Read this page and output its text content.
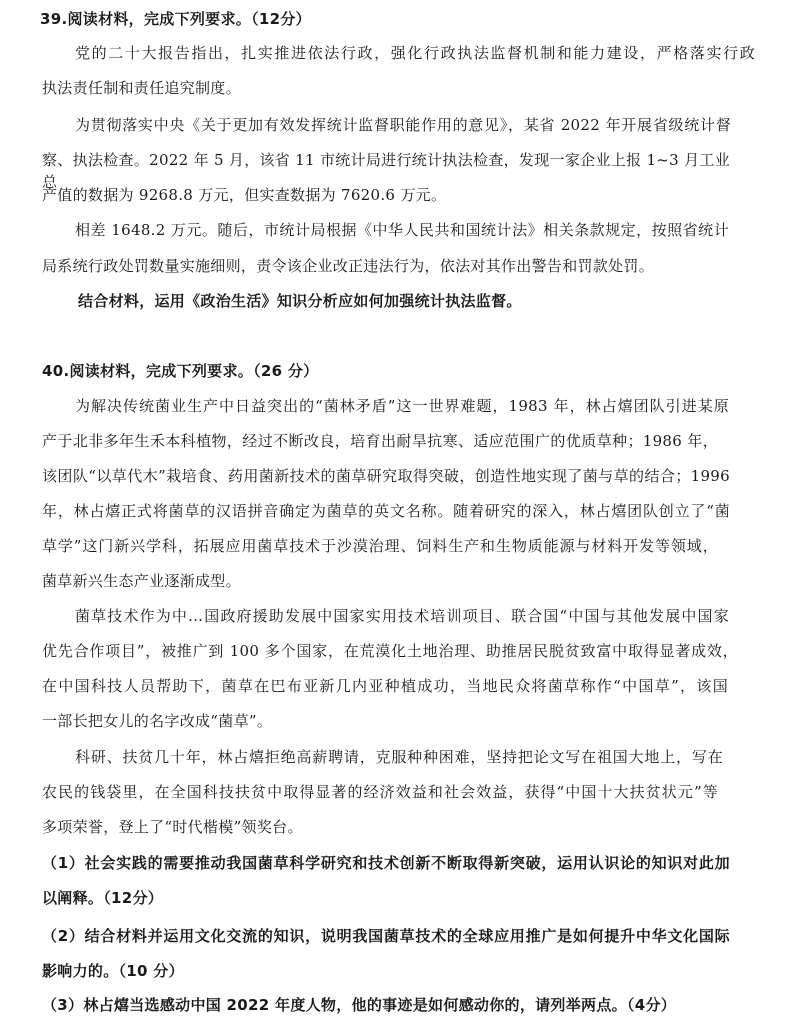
39.阅读材料，完成下列要求。（12分）
党的二十大报告指出，扎实推进依法行政，强化行政执法监督机制和能力建设，严格落实行政
执法责任制和责任追究制度。
为贯彻落实中央《关于更加有效发挥统计监督职能作用的意见》，某省 2022 年开展省级统计督
察、执法检查。2022 年 5 月，该省 11 市统计局进行统计执法检查，发现一家企业上报 1~3 月工业总
产值的数据为 9268.8 万元，但实查数据为 7620.6 万元。
相差 1648.2 万元。随后，市统计局根据《中华人民共和国统计法》相关条款规定，按照省统计
局系统行政处罚数量实施细则，责令该企业改正违法行为，依法对其作出警告和罚款处罚。
结合材料，运用《政治生活》知识分析应如何加强统计执法监督。
40.阅读材料，完成下列要求。（26 分）
为解决传统菌业生产中日益突出的“菌林矛盾”这一世界难题，1983 年，林占熺团队引进某原
产于北非多年生禾本科植物，经过不断改良，培育出耐旱抗寒、适应范围广的优质草种；1986 年，
该团队“以草代木”栽培食、药用菌新技术的菌草研究取得突破，创造性地实现了菌与草的结合；1996
年，林占熺正式将菌草的汉语拼音确定为菌草的英文名称。随着研究的深入，林占熺团队创立了“菌
草学”这门新兴学科，拓展应用菌草技术于沙漠治理、饲料生产和生物质能源与材料开发等领域，
菌草新兴生态产业逐渐成型。
菌草技术作为中…国政府援助发展中国家实用技术培训项目、联合国“中国与其他发展中国家
优先合作项目”，被推广到 100 多个国家，在荒漠化土地治理、助推居民脱贫致富中取得显著成效，
在中国科技人员帮助下，菌草在巴布亚新几内亚种植成功，当地民众将菌草称作“中国草”，该国
一部长把女儿的名字改成“菌草”。
科研、扶贫几十年，林占熺拒绝高薪聘请，克服种种困难，坚持把论文写在祖国大地上，写在
农民的钱袋里，在全国科技扶贫中取得显著的经济效益和社会效益，获得“中国十大扶贫状元”等
多项荣誉，登上了“时代楷模”领奖台。
（1）社会实践的需要推动我国菌草科学研究和技术创新不断取得新突破，运用认识论的知识对此加
以阐释。（12分）
（2）结合材料并运用文化交流的知识，说明我国菌草技术的全球应用推广是如何提升中华文化国际
影响力的。（10 分）
（3）林占熺当选感动中国 2022 年度人物，他的事迹是如何感动你的，请列举两点。（4分）
